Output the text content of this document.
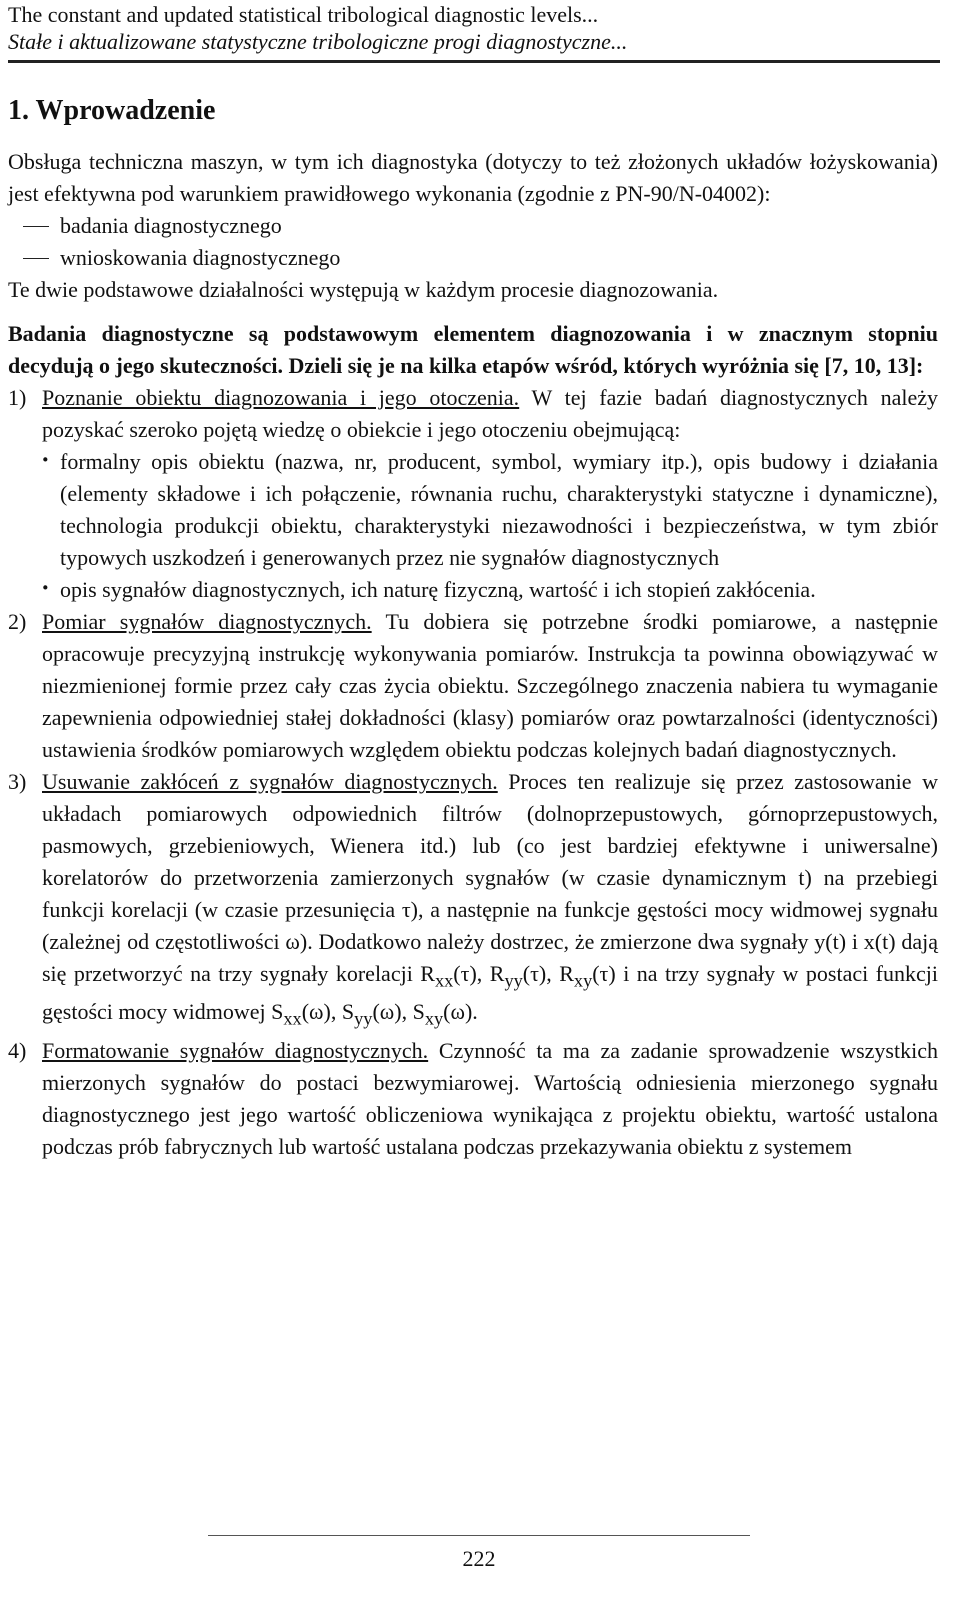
The constant and updated statistical tribological diagnostic levels...
Stałe i aktualizowane statystyczne tribologiczne progi diagnostyczne...
1. Wprowadzenie

Obsługa techniczna maszyn, w tym ich diagnostyka (dotyczy to też złożonych układów łożyskowania) jest efektywna pod warunkiem prawidłowego wykonania (zgodnie z PN-90/N-04002):

badania diagnostycznego

wnioskowania diagnostycznego

Te dwie podstawowe działalności występują w każdym procesie diagnozowania.

Badania diagnostyczne są podstawowym elementem diagnozowania i w znacznym stopniu decydują o jego skuteczności. Dzieli się je na kilka etapów wśród, których wyróżnia się [7, 10, 13]:

1) Poznanie obiektu diagnozowania i jego otoczenia. W tej fazie badań diagnostycznych należy pozyskać szeroko pojętą wiedzę o obiekcie i jego otoczeniu obejmującą:

· formalny opis obiektu (nazwa, nr, producent, symbol, wymiary itp.), opis budowy i działania (elementy składowe i ich połączenie, równania ruchu, charakterystyki statyczne i dynamiczne), technologia produkcji obiektu, charakterystyki niezawodności i bezpieczeństwa, w tym zbiór typowych uszkodzeń i generowanych przez nie sygnałów diagnostycznych

· opis sygnałów diagnostycznych, ich naturę fizyczną, wartość i ich stopień zakłócenia.

2) Pomiar sygnałów diagnostycznych. Tu dobiera się potrzebne środki pomiarowe, a następnie opracowuje precyzyjną instrukcję wykonywania pomiarów. Instrukcja ta powinna obowiązywać w niezmienionej formie przez cały czas życia obiektu. Szczególnego znaczenia nabiera tu wymaganie zapewnienia odpowiedniej stałej dokładności (klasy) pomiarów oraz powtarzalności (identyczności) ustawienia środków pomiarowych względem obiektu podczas kolejnych badań diagnostycznych.

3) Usuwanie zakłóceń z sygnałów diagnostycznych. Proces ten realizuje się przez zastosowanie w układach pomiarowych odpowiednich filtrów (dolnoprzepustowych, górnoprzepustowych, pasmowych, grzebieniowych, Wienera itd.) lub (co jest bardziej efektywne i uniwersalne) korelatorów do przetworzenia zamierzonych sygnałów (w czasie dynamicznym t) na przebiegi funkcji korelacji (w czasie przesunięcia τ), a następnie na funkcje gęstości mocy widmowej sygnału (zależnej od częstotliwości ω). Dodatkowo należy dostrzec, że zmierzone dwa sygnały y(t) i x(t) dają się przetworzyć na trzy sygnały korelacji $R_{xx}(\tau)$, $R_{yy}(\tau)$, $R_{xy}(\tau)$ i na trzy sygnały w postaci funkcji gęstości mocy widmowej $S_{xx}(\omega)$, $S_{yy}(\omega)$, $S_{xy}(\omega)$.

4) Formatowanie sygnałów diagnostycznych. Czynność ta ma za zadanie sprowadzenie wszystkich mierzonych sygnałów do postaci bezwymiarowej. Wartością odniesienia mierzonego sygnału diagnostycznego jest jego wartość obliczeniowa wynikająca z projektu obiektu, wartość ustalona podczas prób fabrycznych lub wartość ustalana podczas przekazywania obiektu z systemem

222
